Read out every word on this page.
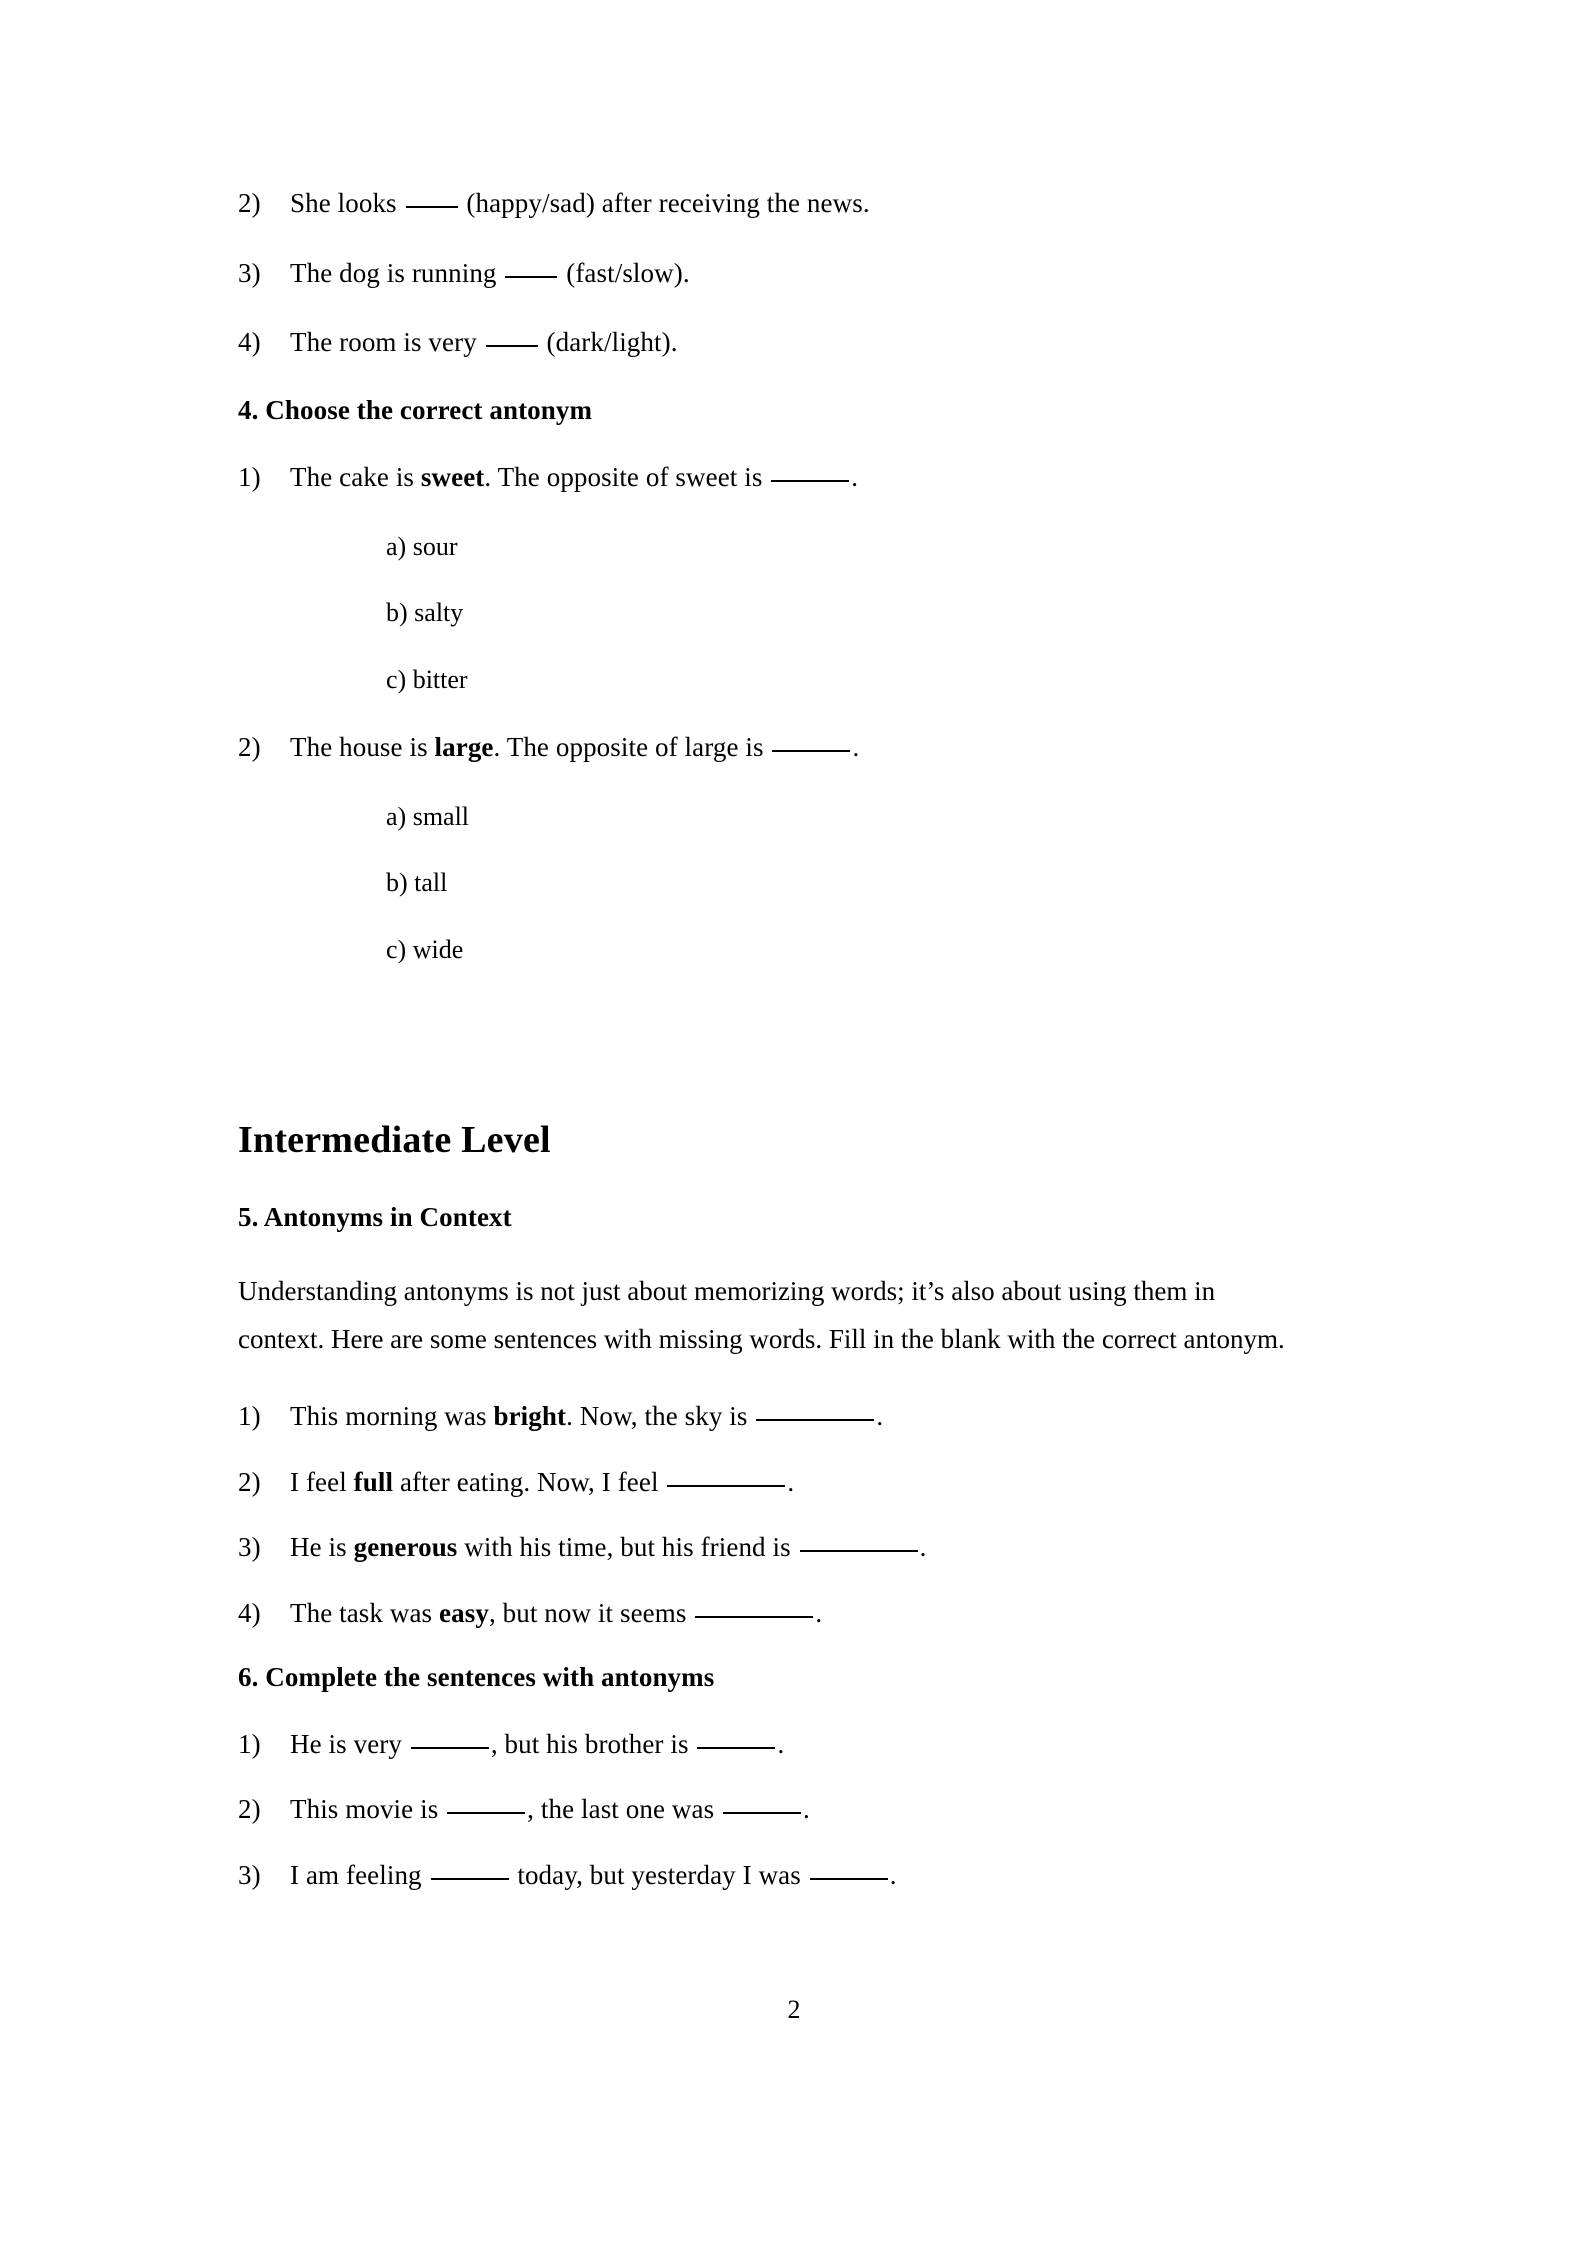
2)	She looks	(happy/sad) after receiving the news.
3)	The dog is running	(fast/slow).
4)	The room is very	(dark/light).
4. Choose the correct antonym
1)	The cake is sweet. The opposite of sweet is	.
a) sour
b) salty
c) bitter
2)	The house is large. The opposite of large is	.
a) small
b) tall
c) wide
Intermediate Level
5. Antonyms in Context
Understanding antonyms is not just about memorizing words; it’s also about using them in context. Here are some sentences with missing words. Fill in the blank with the correct antonym.
1)	This morning was bright. Now, the sky is	.
2)	I feel full after eating. Now, I feel	.
3)	He is generous with his time, but his friend is	.
4)	The task was easy, but now it seems	.
6. Complete the sentences with antonyms
1)	He is very	, but his brother is	.
2)	This movie is	, the last one was	.
3)	I am feeling	today, but yesterday I was	.
2
